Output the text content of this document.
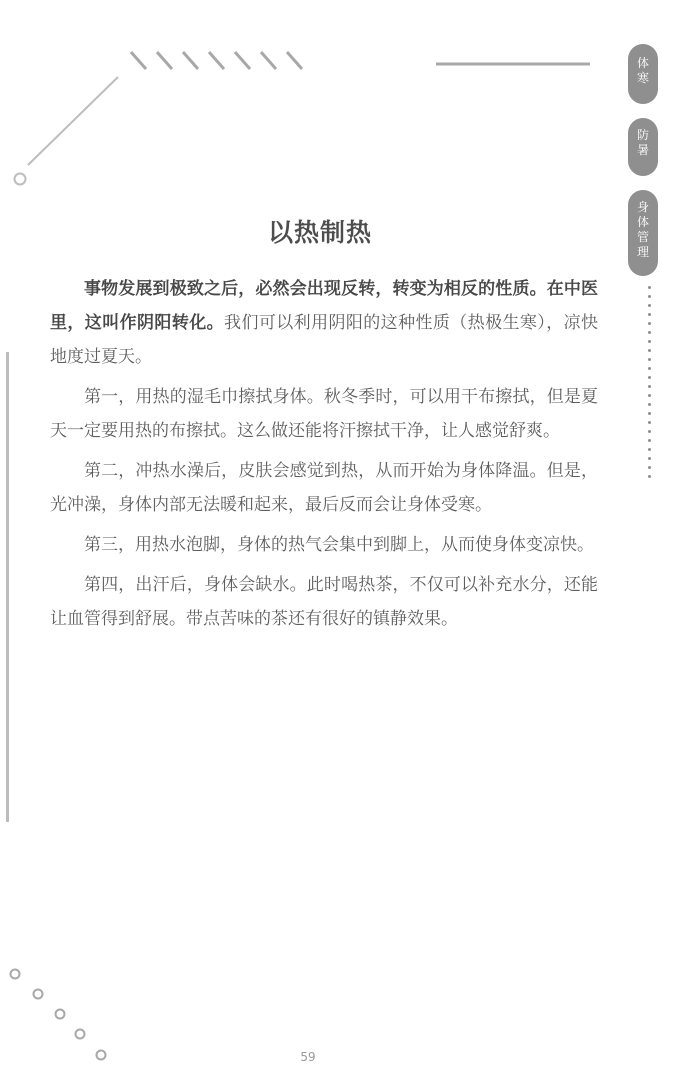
体寒
防暑
身体管理
以热制热

事物发展到极致之后，必然会出现反转，转变为相反的性质。在中医里，这叫作阴阳转化。我们可以利用阴阳的这种性质（热极生寒），凉快地度过夏天。

第一，用热的湿毛巾擦拭身体。秋冬季时，可以用干布擦拭，但是夏天一定要用热的布擦拭。这么做还能将汗擦拭干净，让人感觉舒爽。

第二，冲热水澡后，皮肤会感觉到热，从而开始为身体降温。但是，光冲澡，身体内部无法暖和起来，最后反而会让身体受寒。

第三，用热水泡脚，身体的热气会集中到脚上，从而使身体变凉快。

第四，出汗后，身体会缺水。此时喝热茶，不仅可以补充水分，还能让血管得到舒展。带点苦味的茶还有很好的镇静效果。

59
